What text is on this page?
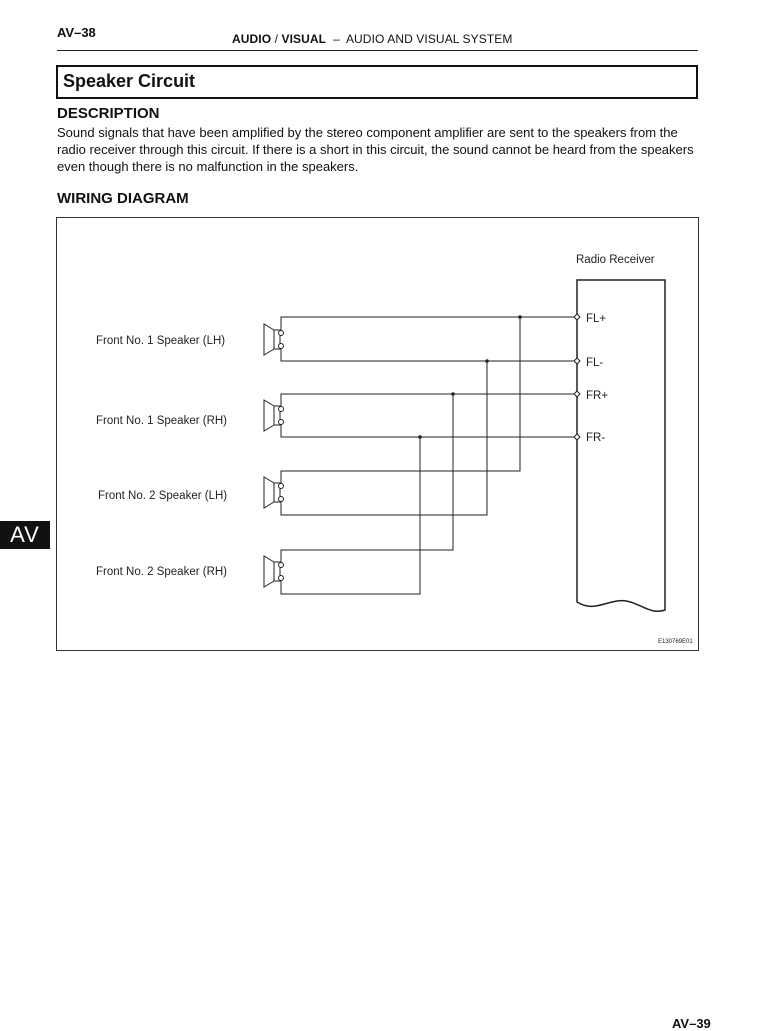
AV–38	AUDIO / VISUAL  –  AUDIO AND VISUAL SYSTEM
Speaker Circuit
DESCRIPTION
Sound signals that have been amplified by the stereo component amplifier are sent to the speakers from the radio receiver through this circuit. If there is a short in this circuit, the sound cannot be heard from the speakers even though there is no malfunction in the speakers.
WIRING DIAGRAM
Radio Receiver
FL+
FL-
FR+
FR-
Front No. 1 Speaker (LH)
Front No. 1 Speaker (RH)
Front No. 2 Speaker (LH)
Front No. 2 Speaker (RH)
E130769E01
AV
AV–39
